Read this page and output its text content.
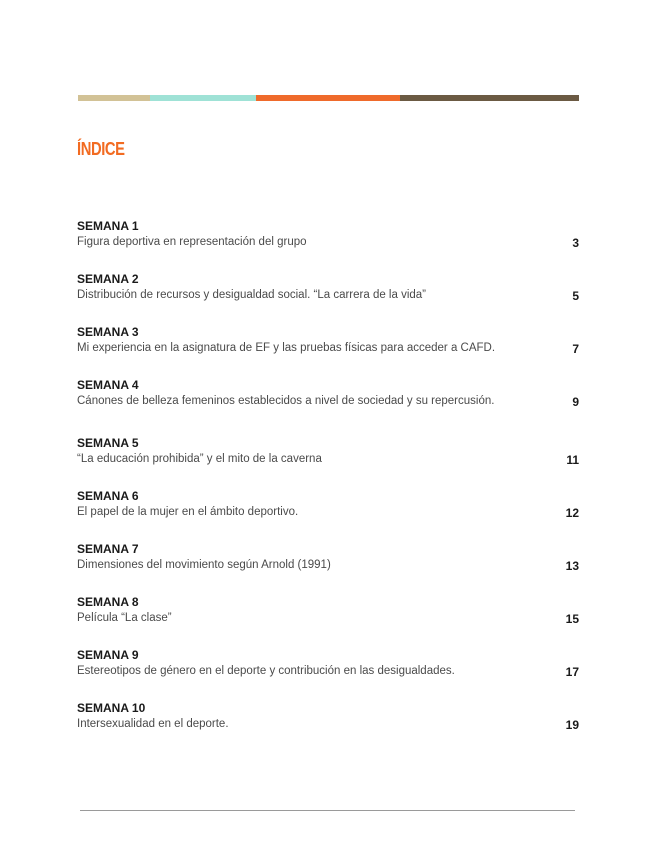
ÍNDICE
SEMANA 1
Figura deportiva en representación del grupo	3
SEMANA 2
Distribución de recursos y desigualdad social. “La carrera de la vida”	5
SEMANA 3
Mi experiencia en la asignatura de EF y las pruebas físicas para acceder a CAFD.	7
SEMANA 4
Cánones de belleza femeninos establecidos a nivel de sociedad y su repercusión.	9
SEMANA 5
“La educación prohibida” y el mito de la caverna	11
SEMANA 6
El papel de la mujer en el ámbito deportivo.	12
SEMANA 7
Dimensiones del movimiento según Arnold (1991)	13
SEMANA 8
Película “La clase”	15
SEMANA 9
Estereotipos de género en el deporte y contribución en las desigualdades.	17
SEMANA 10
Intersexualidad en el deporte.	19
